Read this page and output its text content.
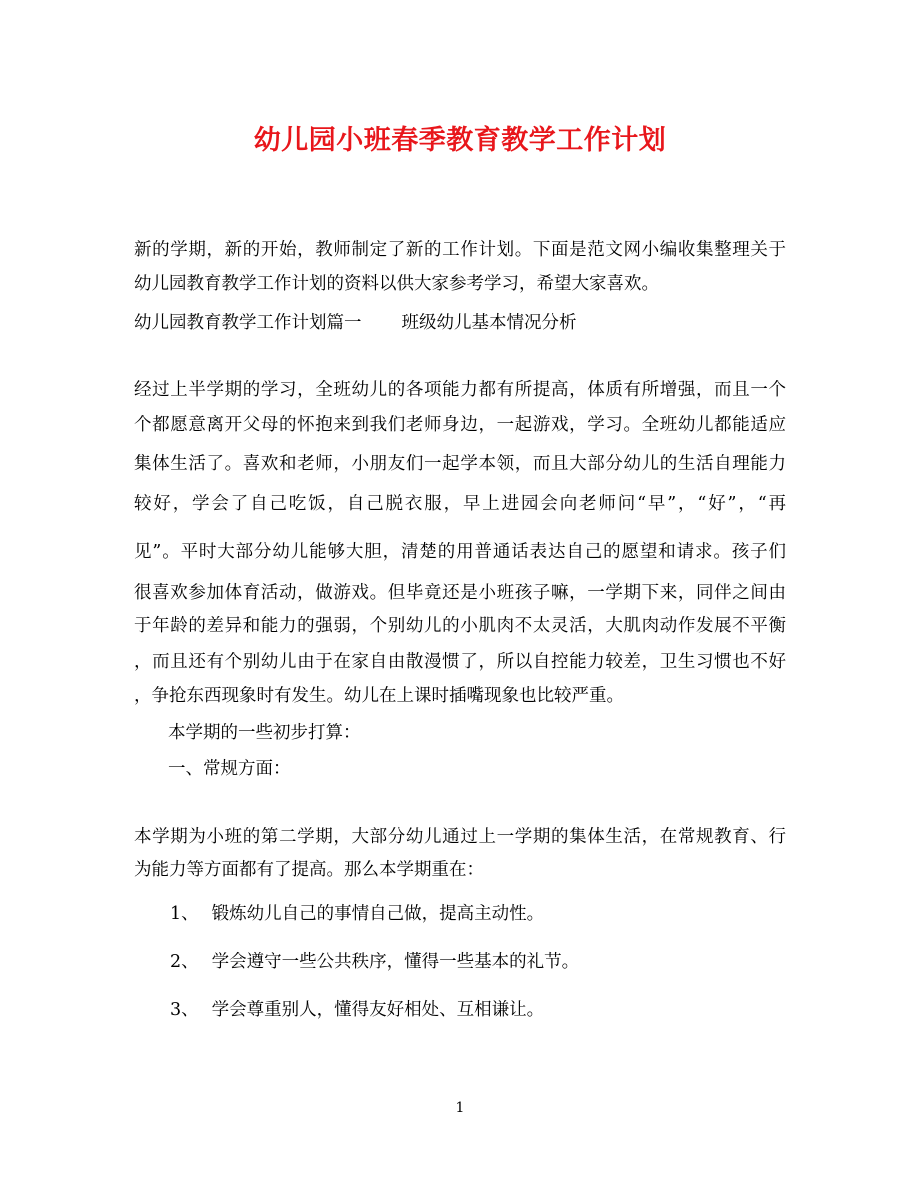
幼儿园小班春季教育教学工作计划
新的学期，新的开始，教师制定了新的工作计划。下面是范文网小编收集整理关于
幼儿园教育教学工作计划的资料以供大家参考学习，希望大家喜欢。
幼儿园教育教学工作计划篇一 班级幼儿基本情况分析
经过上半学期的学习，全班幼儿的各项能力都有所提高，体质有所增强，而且一个
个都愿意离开父母的怀抱来到我们老师身边，一起游戏，学习。全班幼儿都能适应
集体生活了。喜欢和老师，小朋友们一起学本领，而且大部分幼儿的生活自理能力
较好，学会了自己吃饭，自己脱衣服，早上进园会向老师问“早”，“好”，“再
见”。平时大部分幼儿能够大胆，清楚的用普通话表达自己的愿望和请求。孩子们
很喜欢参加体育活动，做游戏。但毕竟还是小班孩子嘛，一学期下来，同伴之间由
于年龄的差异和能力的强弱，个别幼儿的小肌肉不太灵活，大肌肉动作发展不平衡
，而且还有个别幼儿由于在家自由散漫惯了，所以自控能力较差，卫生习惯也不好
，争抢东西现象时有发生。幼儿在上课时插嘴现象也比较严重。
本学期的一些初步打算：
一、常规方面：
本学期为小班的第二学期，大部分幼儿通过上一学期的集体生活，在常规教育、行
为能力等方面都有了提高。那么本学期重在：
1、 锻炼幼儿自己的事情自己做，提高主动性。
2、 学会遵守一些公共秩序，懂得一些基本的礼节。
3、 学会尊重别人，懂得友好相处、互相谦让。
1
